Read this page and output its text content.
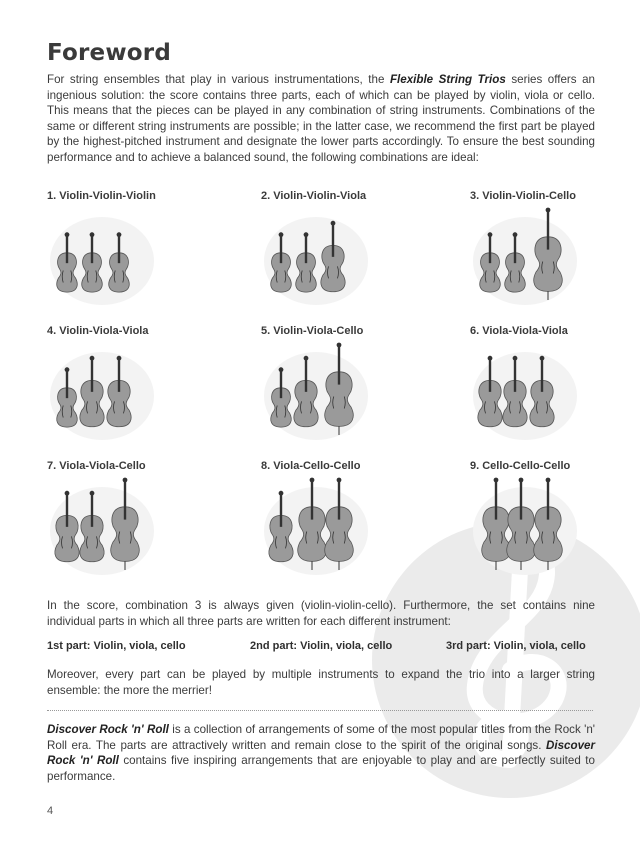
Foreword

For string ensembles that play in various instrumentations, the Flexible String Trios series offers an ingenious solution: the score contains three parts, each of which can be played by violin, viola or cello. This means that the pieces can be played in any combination of string instruments. Combinations of the same or different string instruments are possible; in the latter case, we recommend the first part be played by the highest-pitched instrument and designate the lower parts accordingly. To ensure the best sounding performance and to achieve a balanced sound, the following combinations are ideal:

1. Violin-Violin-Violin	2. Violin-Violin-Viola	3. Violin-Violin-Cello
4. Violin-Viola-Viola	5. Violin-Viola-Cello	6. Viola-Viola-Viola
7. Viola-Viola-Cello	8. Viola-Cello-Cello	9. Cello-Cello-Cello

In the score, combination 3 is always given (violin-violin-cello). Furthermore, the set contains nine individual parts in which all three parts are written for each different instrument:

1st part: Violin, viola, cello	2nd part: Violin, viola, cello	3rd part: Violin, viola, cello

Moreover, every part can be played by multiple instruments to expand the trio into a larger string ensemble: the more the merrier!

Discover Rock 'n' Roll is a collection of arrangements of some of the most popular titles from the Rock 'n' Roll era. The parts are attractively written and remain close to the spirit of the original songs. Discover Rock 'n' Roll contains five inspiring arrangements that are enjoyable to play and are perfectly suited to performance.

4
